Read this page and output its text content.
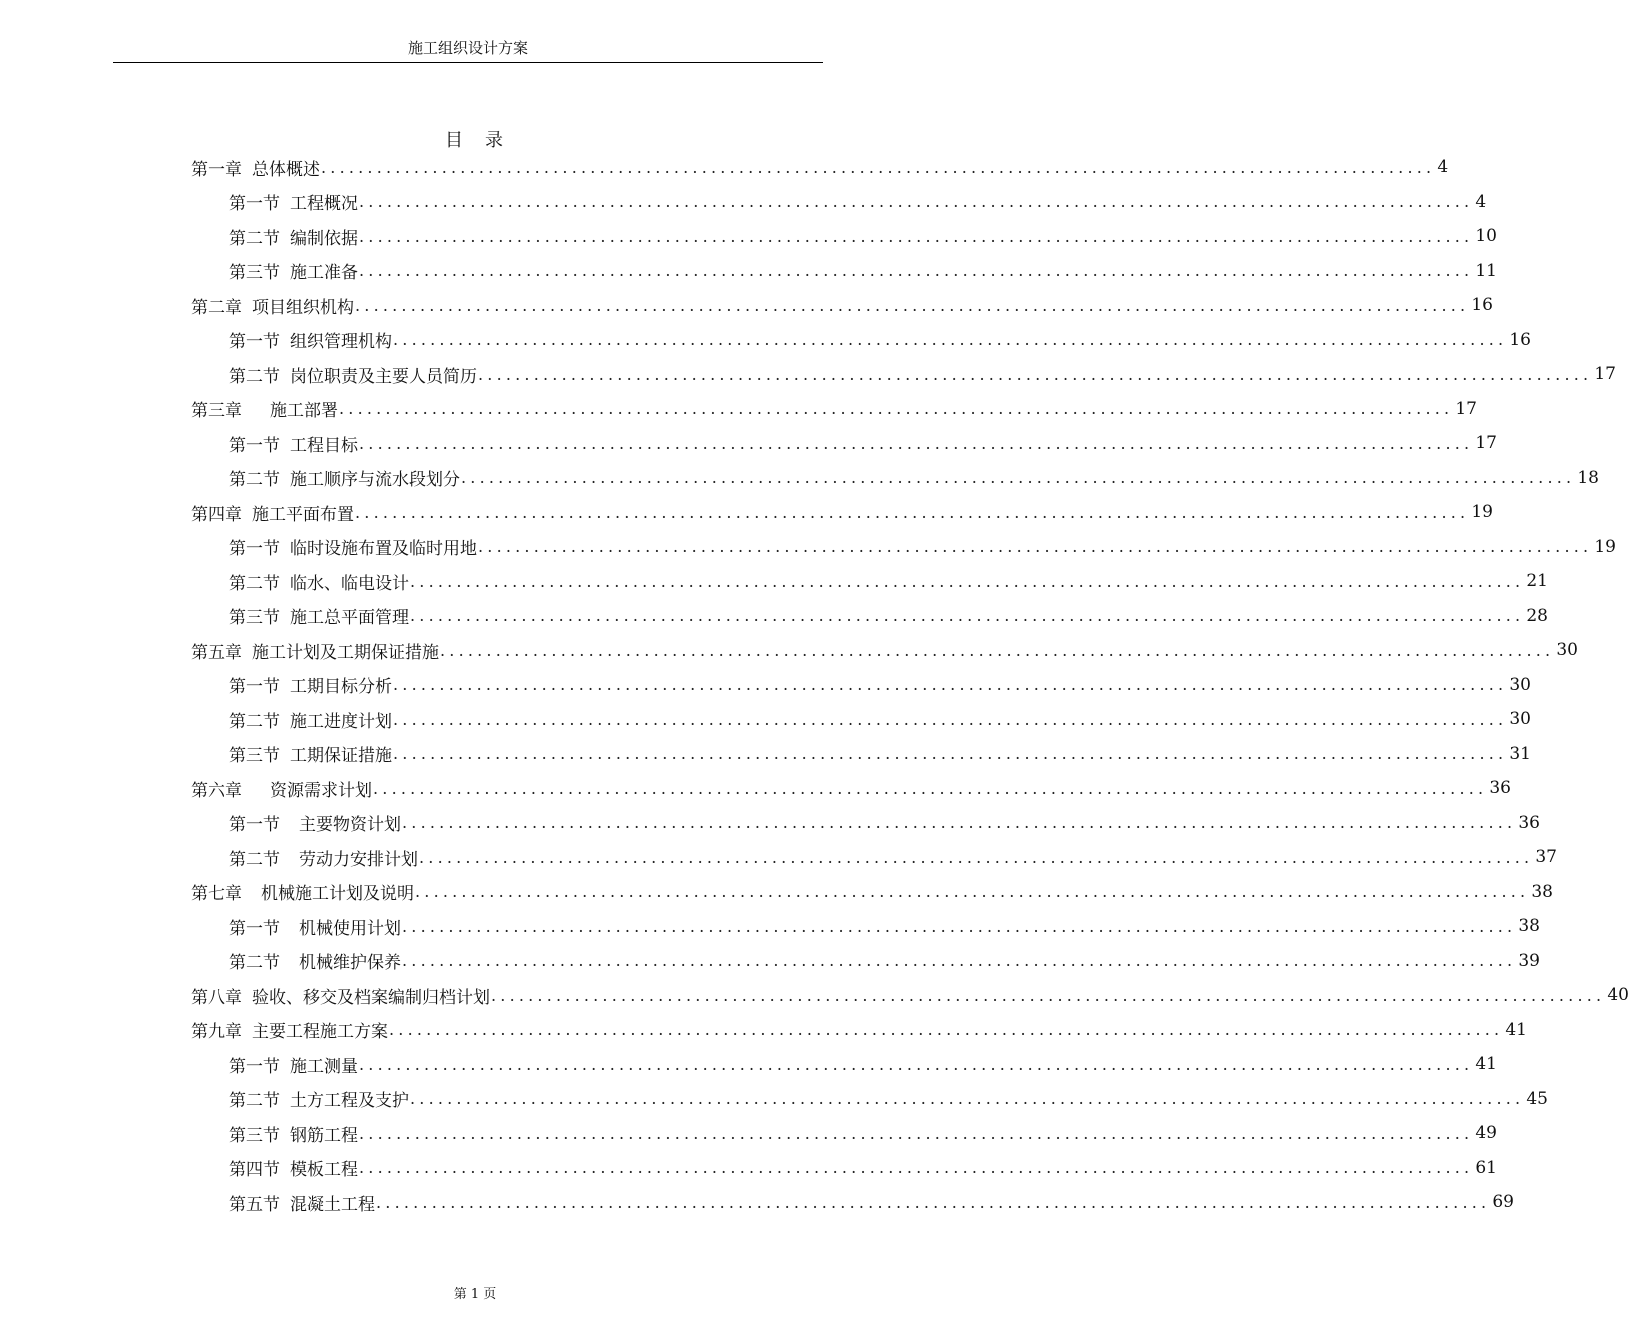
施工组织设计方案
目　录
第一章 总体概述 ........................................................................................................................ 4
第一节 工程概况 ........................................................................................................................ 4
第二节 编制依据 ........................................................................................................................ 10
第三节 施工准备 ........................................................................................................................ 11
第二章 项目组织机构 ........................................................................................................................ 16
第一节 组织管理机构 ........................................................................................................................ 16
第二节 岗位职责及主要人员简历 ........................................................................................................................ 17
第三章 施工部署 ........................................................................................................................ 17
第一节 工程目标 ........................................................................................................................ 17
第二节 施工顺序与流水段划分 ........................................................................................................................ 18
第四章 施工平面布置 ........................................................................................................................ 19
第一节 临时设施布置及临时用地 ........................................................................................................................ 19
第二节 临水、临电设计 ........................................................................................................................ 21
第三节 施工总平面管理 ........................................................................................................................ 28
第五章 施工计划及工期保证措施 ........................................................................................................................ 30
第一节 工期目标分析 ........................................................................................................................ 30
第二节 施工进度计划 ........................................................................................................................ 30
第三节 工期保证措施 ........................................................................................................................ 31
第六章 资源需求计划 ........................................................................................................................ 36
第一节 主要物资计划 ........................................................................................................................ 36
第二节 劳动力安排计划 ........................................................................................................................ 37
第七章 机械施工计划及说明 ........................................................................................................................ 38
第一节 机械使用计划 ........................................................................................................................ 38
第二节 机械维护保养 ........................................................................................................................ 39
第八章 验收、移交及档案编制归档计划 ........................................................................................................................ 40
第九章 主要工程施工方案 ........................................................................................................................ 41
第一节 施工测量 ........................................................................................................................ 41
第二节 土方工程及支护 ........................................................................................................................ 45
第三节 钢筋工程 ........................................................................................................................ 49
第四节 模板工程 ........................................................................................................................ 61
第五节 混凝土工程 ........................................................................................................................ 69
第 1 页
